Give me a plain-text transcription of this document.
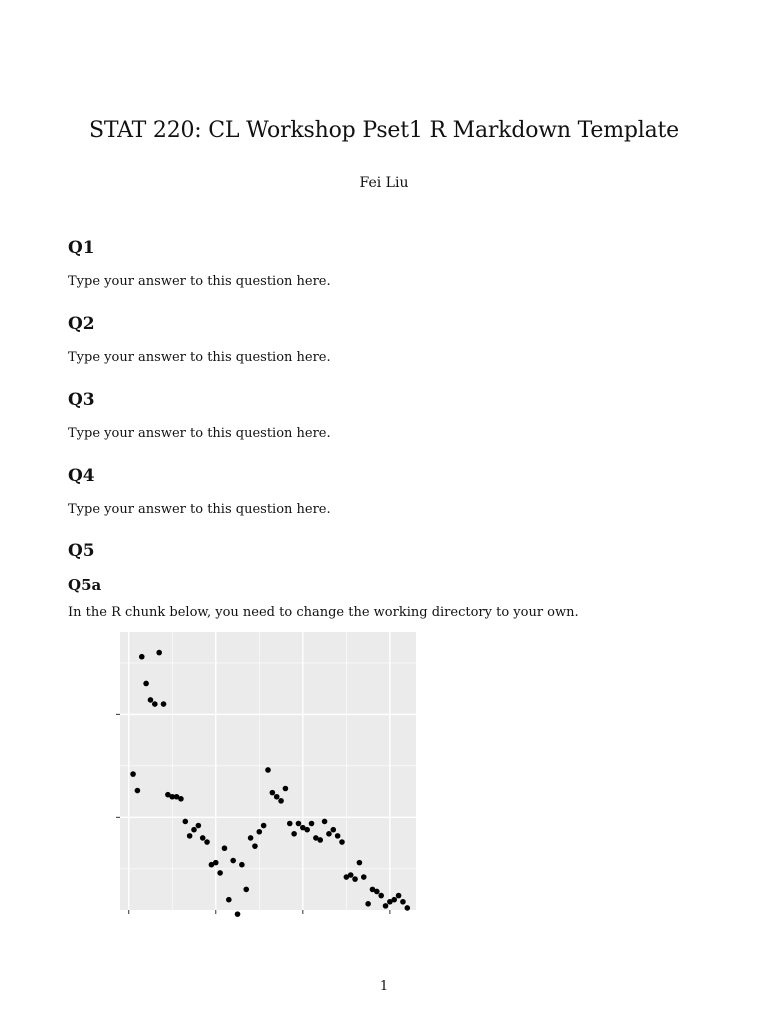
STAT 220: CL Workshop Pset1 R Markdown Template
Fei Liu
Q1

Type your answer to this question here.

Q2

Type your answer to this question here.

Q3

Type your answer to this question here.

Q4

Type your answer to this question here.

Q5
Q5a

In the R chunk below, you need to change the working directory to your own.

1
